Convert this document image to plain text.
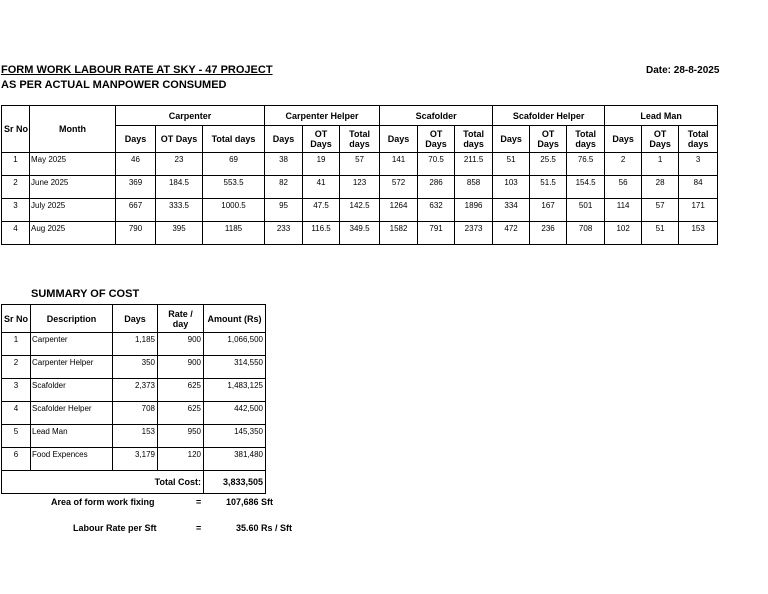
FORM WORK LABOUR RATE AT SKY - 47 PROJECT
AS PER ACTUAL MANPOWER CONSUMED
Date: 28-8-2025
Sr No	Month	Carpenter			Carpenter Helper			Scafolder			Scafolder Helper			Lead Man		
		Days	OT Days	Total days	Days	OT Days	Total days	Days	OT Days	Total days	Days	OT Days	Total days	Days	OT Days	Total days
1	May 2025	46	23	69	38	19	57	141	70.5	211.5	51	25.5	76.5	2	1	3
2	June 2025	369	184.5	553.5	82	41	123	572	286	858	103	51.5	154.5	56	28	84
3	July 2025	667	333.5	1000.5	95	47.5	142.5	1264	632	1896	334	167	501	114	57	171
4	Aug 2025	790	395	1185	233	116.5	349.5	1582	791	2373	472	236	708	102	51	153
SUMMARY OF COST
Sr No	Description	Days	Rate / day	Amount (Rs)
1	Carpenter	1,185	900	1,066,500
2	Carpenter Helper	350	900	314,550
3	Scafolder	2,373	625	1,483,125
4	Scafolder Helper	708	625	442,500
5	Lead Man	153	950	145,350
6	Food Expences	3,179	120	381,480
		Total Cost:		3,833,505
Area of form work fixing	=	107,686 Sft
Labour Rate per Sft	=	35.60 Rs / Sft
